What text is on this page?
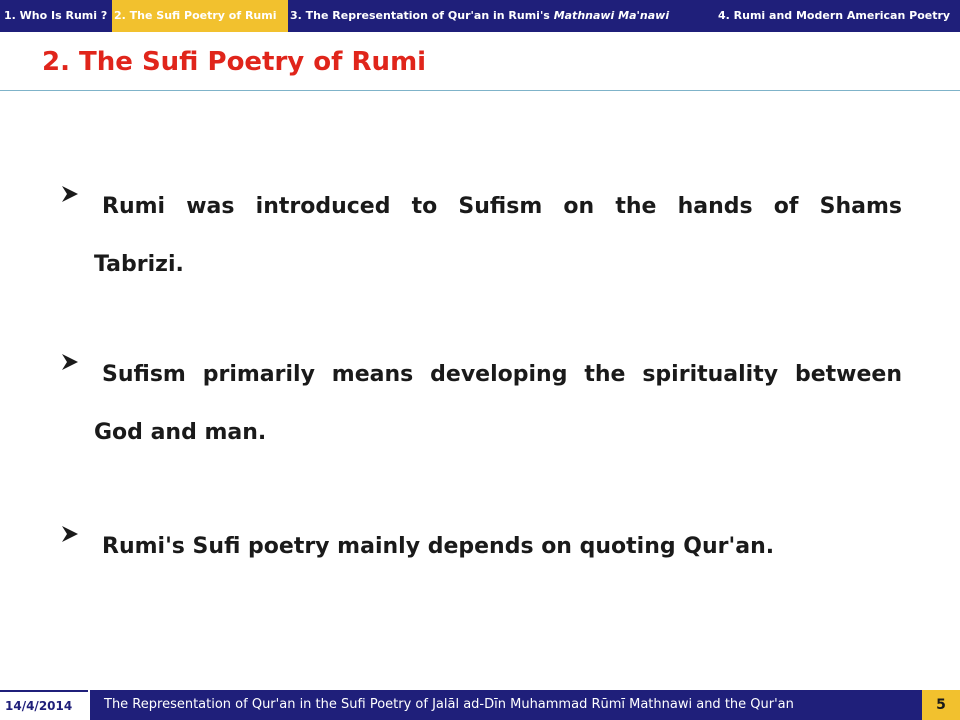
1. Who Is Rumi ? 2. The Sufi Poetry of Rumi	3. The Representation of Qur'an in Rumi's Mathnawi Ma'nawi	4. Rumi and Modern American Poetry
2. The Sufi Poetry of Rumi
Rumi was introduced to Sufism on the hands of Shams
Tabrizi.
Sufism primarily means developing the spirituality between
God and man.
Rumi's Sufi poetry mainly depends on quoting Qur'an.
14/4/2014	The Representation of Qur'an in the Sufi Poetry of Jalāl ad-Dīn Muhammad Rūmī Mathnawi and the Qur'an	5
